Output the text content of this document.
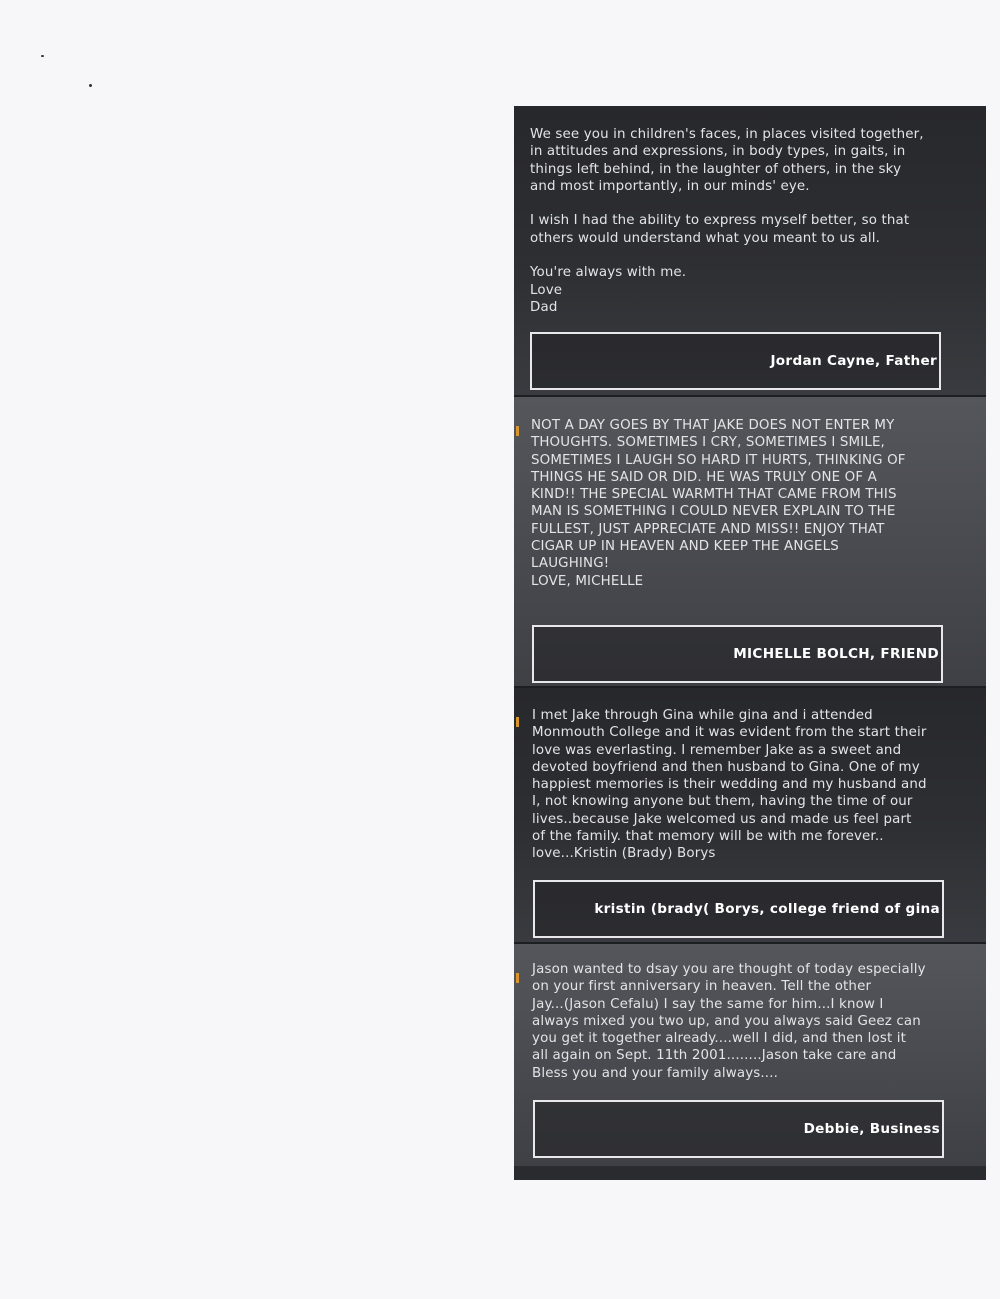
We see you in children's faces, in places visited together,
in attitudes and expressions, in body types, in gaits, in
things left behind, in the laughter of others, in the sky
and most importantly, in our minds' eye.

I wish I had the ability to express myself better, so that
others would understand what you meant to us all.

You're always with me.
Love
Dad

Jordan Cayne, Father

NOT A DAY GOES BY THAT JAKE DOES NOT ENTER MY
THOUGHTS. SOMETIMES I CRY, SOMETIMES I SMILE,
SOMETIMES I LAUGH SO HARD IT HURTS, THINKING OF
THINGS HE SAID OR DID. HE WAS TRULY ONE OF A
KIND!! THE SPECIAL WARMTH THAT CAME FROM THIS
MAN IS SOMETHING I COULD NEVER EXPLAIN TO THE
FULLEST, JUST APPRECIATE AND MISS!! ENJOY THAT
CIGAR UP IN HEAVEN AND KEEP THE ANGELS
LAUGHING!
LOVE, MICHELLE

MICHELLE BOLCH, FRIEND

I met Jake through Gina while gina and i attended
Monmouth College and it was evident from the start their
love was everlasting. I remember Jake as a sweet and
devoted boyfriend and then husband to Gina. One of my
happiest memories is their wedding and my husband and
I, not knowing anyone but them, having the time of our
lives..because Jake welcomed us and made us feel part
of the family. that memory will be with me forever..
love...Kristin (Brady) Borys

kristin (brady( Borys, college friend of gina

Jason wanted to dsay you are thought of today especially
on your first anniversary in heaven. Tell the other
Jay...(Jason Cefalu) I say the same for him...I know I
always mixed you two up, and you always said Geez can
you get it together already....well I did, and then lost it
all again on Sept. 11th 2001........Jason take care and
Bless you and your family always....

Debbie, Business
